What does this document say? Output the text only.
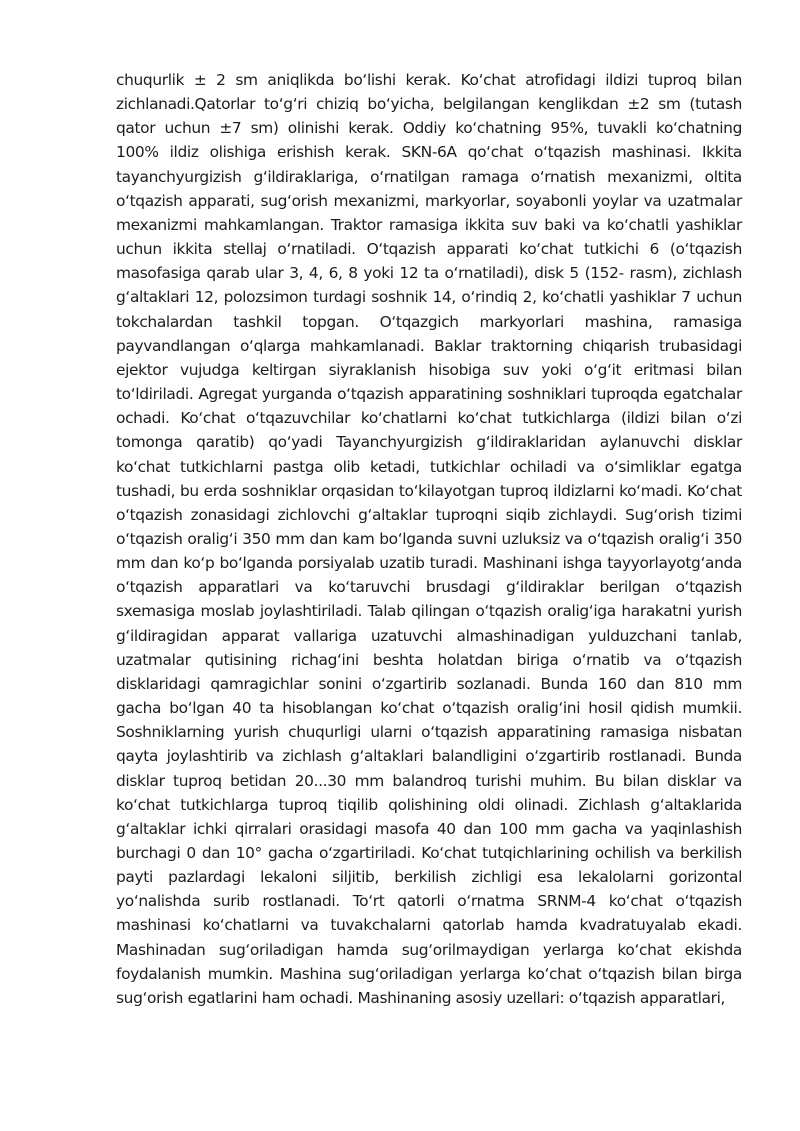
chuqurlik ± 2 sm aniqlikda bo‘lishi kerak. Ko‘chat atrofidagi ildizi tuproq bilan zichlanadi.Qatorlar to‘g‘ri chiziq bo‘yicha, belgilangan kenglikdan ±2 sm (tutash qator uchun ±7 sm) olinishi kerak. Oddiy ko‘chatning 95%, tuvakli ko‘chatning 100% ildiz olishiga erishish kerak. SKN-6A qo‘chat o‘tqazish mashinasi. Ikkita tayanchyurgizish g‘ildiraklariga, o‘rnatilgan ramaga o‘rnatish mexanizmi, oltita o‘tqazish apparati, sug‘orish mexanizmi, markyorlar, soyabonli yoylar va uzatmalar mexanizmi mahkamlangan. Traktor ramasiga ikkita suv baki va ko‘chatli yashiklar uchun ikkita stellaj o‘rnatiladi. O‘tqazish apparati ko‘chat tutkichi 6 (o‘tqazish masofasiga qarab ular 3, 4, 6, 8 yoki 12 ta o‘rnatiladi), disk 5 (152- rasm), zichlash g‘altaklari 12, polozsimon turdagi soshnik 14, o‘rindiq 2, ko‘chatli yashiklar 7 uchun tokchalardan tashkil topgan. O‘tqazgich markyorlari mashina, ramasiga payvandlangan o‘qlarga mahkamlanadi. Baklar traktorning chiqarish trubasidagi ejektor vujudga keltirgan siyraklanish hisobiga suv yoki o‘g‘it eritmasi bilan to‘ldiriladi. Agregat yurganda o‘tqazish apparatining soshniklari tuproqda egatchalar ochadi. Ko‘chat o‘tqazuvchilar ko‘chatlarni ko‘chat tutkichlarga (ildizi bilan o‘zi tomonga qaratib) qo‘yadi Tayanchyurgizish g‘ildiraklaridan aylanuvchi disklar ko‘chat tutkichlarni pastga olib ketadi, tutkichlar ochiladi va o‘simliklar egatga tushadi, bu erda soshniklar orqasidan to‘kilayotgan tuproq ildizlarni ko‘madi. Ko‘chat o‘tqazish zonasidagi zichlovchi g‘altaklar tuproqni siqib zichlaydi. Sug‘orish tizimi o‘tqazish oralig‘i 350 mm dan kam bo‘lganda suvni uzluksiz va o‘tqazish oralig‘i 350 mm dan ko‘p bo‘lganda porsiyalab uzatib turadi. Mashinani ishga tayyorlayotg‘anda o‘tqazish apparatlari va ko‘taruvchi brusdagi g‘ildiraklar berilgan o‘tqazish sxemasiga moslab joylashtiriladi. Talab qilingan o‘tqazish oralig‘iga harakatni yurish g‘ildiragidan apparat vallariga uzatuvchi almashinadigan yulduzchani tanlab, uzatmalar qutisining richag‘ini beshta holatdan biriga o‘rnatib va o‘tqazish disklaridagi qamragichlar sonini o‘zgartirib sozlanadi. Bunda 160 dan 810 mm gacha bo‘lgan 40 ta hisoblangan ko‘chat o‘tqazish oralig‘ini hosil qidish mumkii. Soshniklarning yurish chuqurligi ularni o‘tqazish apparatining ramasiga nisbatan qayta joylashtirib va zichlash g‘altaklari balandligini o‘zgartirib rostlanadi. Bunda disklar tuproq betidan 20...30 mm balandroq turishi muhim. Bu bilan disklar va ko‘chat tutkichlarga tuproq tiqilib qolishining oldi olinadi. Zichlash g‘altaklarida g‘altaklar ichki qirralari orasidagi masofa 40 dan 100 mm gacha va yaqinlashish burchagi 0 dan 10° gacha o‘zgartiriladi. Ko‘chat tutqichlarining ochilish va berkilish payti pazlardagi lekaloni siljitib, berkilish zichligi esa lekalolarni gorizontal yo‘nalishda surib rostlanadi. To‘rt qatorli o‘rnatma SRNM-4 ko‘chat o‘tqazish mashinasi ko‘chatlarni va tuvakchalarni qatorlab hamda kvadratuyalab ekadi. Mashinadan sug‘oriladigan hamda sug‘orilmaydigan yerlarga ko‘chat ekishda foydalanish mumkin. Mashina sug‘oriladigan yerlarga ko‘chat o‘tqazish bilan birga sug‘orish egatlarini ham ochadi. Mashinaning asosiy uzellari: o‘tqazish apparatlari,
